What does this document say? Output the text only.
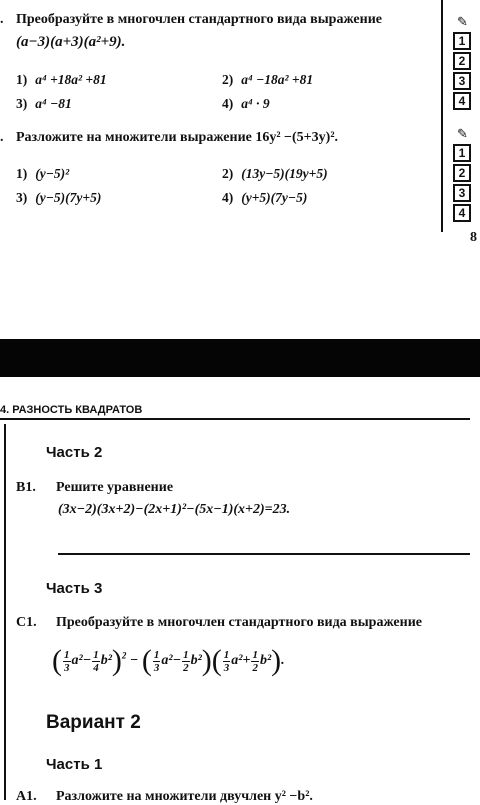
. Преобразуйте в многочлен стандартного вида выражение
(a−3)(a+3)(a²+9).
1) a⁴ +18a² +81	2) a⁴ −18a² +81
3) a⁴ −81	4) a⁴ · 9
. Разложите на множители выражение 16y² −(5+3y)².
1) (y−5)²	2) (13y−5)(19y+5)
3) (y−5)(7y+5)	4) (y+5)(7y−5)
✎
1
2
3
4
✎
1
2
3
4
8
4. РАЗНОСТЬ КВАДРАТОВ
Часть 2
В1. Решите уравнение
(3x−2)(3x+2)−(2x+1)²−(5x−1)(x+2)=23.
Часть 3
С1. Преобразуйте в многочлен стандартного вида выражение
( $\frac{1}{3} a^2- \frac{1}{4} b^2)^2$ − ( $\frac{1}{3} a^2- \frac{1}{2} b^2)( \frac{1}{3} a^2+ \frac{1}{2} b^2)$.
Вариант 2
Часть 1
А1. Разложите на множители двучлен y² −b².
